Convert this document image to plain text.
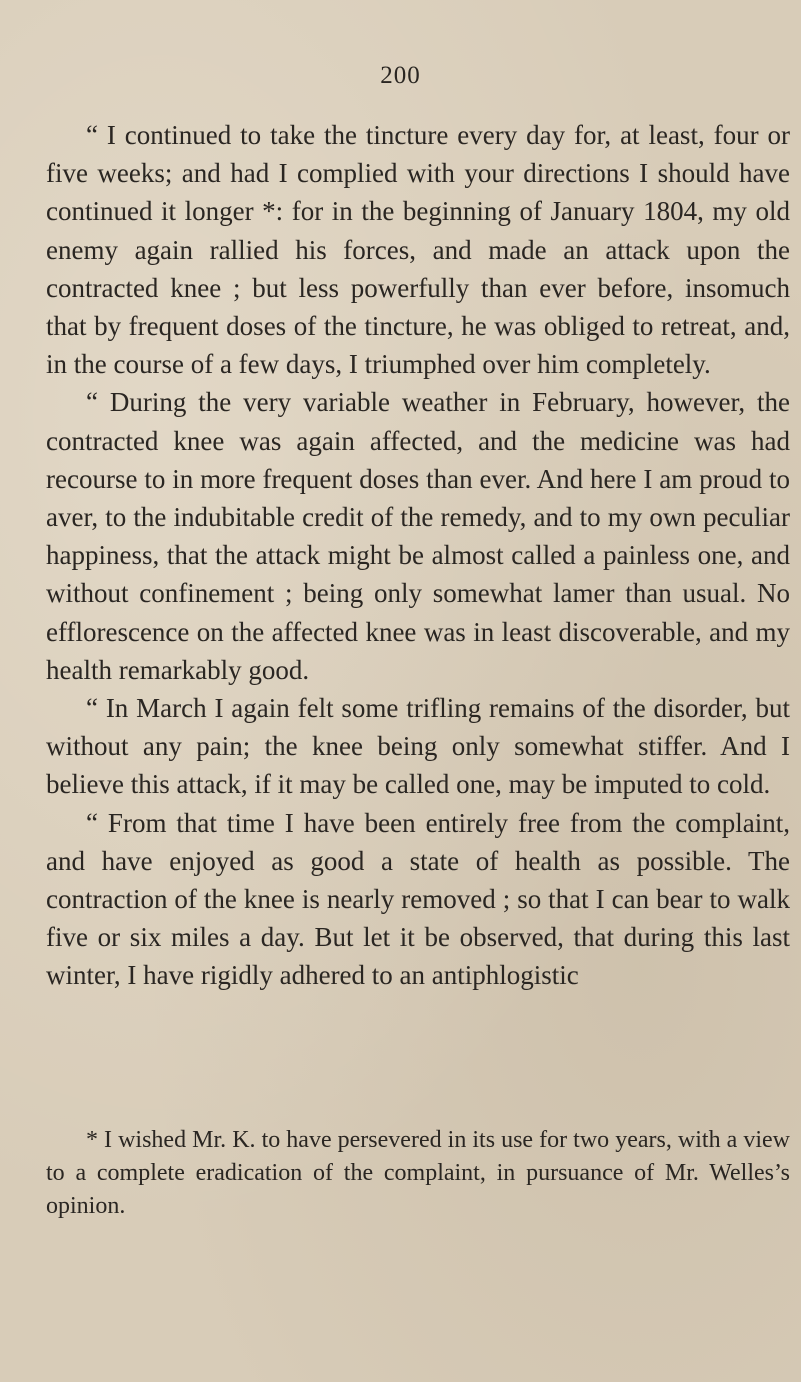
200

“ I continued to take the tincture every day for, at least, four or five weeks; and had I complied with your directions I should have continued it longer *: for in the beginning of January 1804, my old enemy again rallied his forces, and made an attack upon the contracted knee ; but less powerfully than ever before, insomuch that by frequent doses of the tincture, he was obliged to retreat, and, in the course of a few days, I triumphed over him completely.

“ During the very variable weather in February, however, the contracted knee was again affected, and the medicine was had recourse to in more frequent doses than ever. And here I am proud to aver, to the indubitable credit of the remedy, and to my own peculiar happiness, that the attack might be almost called a painless one, and without confinement ; being only somewhat lamer than usual. No efflorescence on the affected knee was in least discoverable, and my health remarkably good.

“ In March I again felt some trifling remains of the disorder, but without any pain; the knee being only somewhat stiffer. And I believe this attack, if it may be called one, may be imputed to cold.

“ From that time I have been entirely free from the complaint, and have enjoyed as good a state of health as possible. The contraction of the knee is nearly removed ; so that I can bear to walk five or six miles a day. But let it be observed, that during this last winter, I have rigidly adhered to an antiphlogistic

* I wished Mr. K. to have persevered in its use for two years, with a view to a complete eradication of the complaint, in pursuance of Mr. Welles’s opinion.
